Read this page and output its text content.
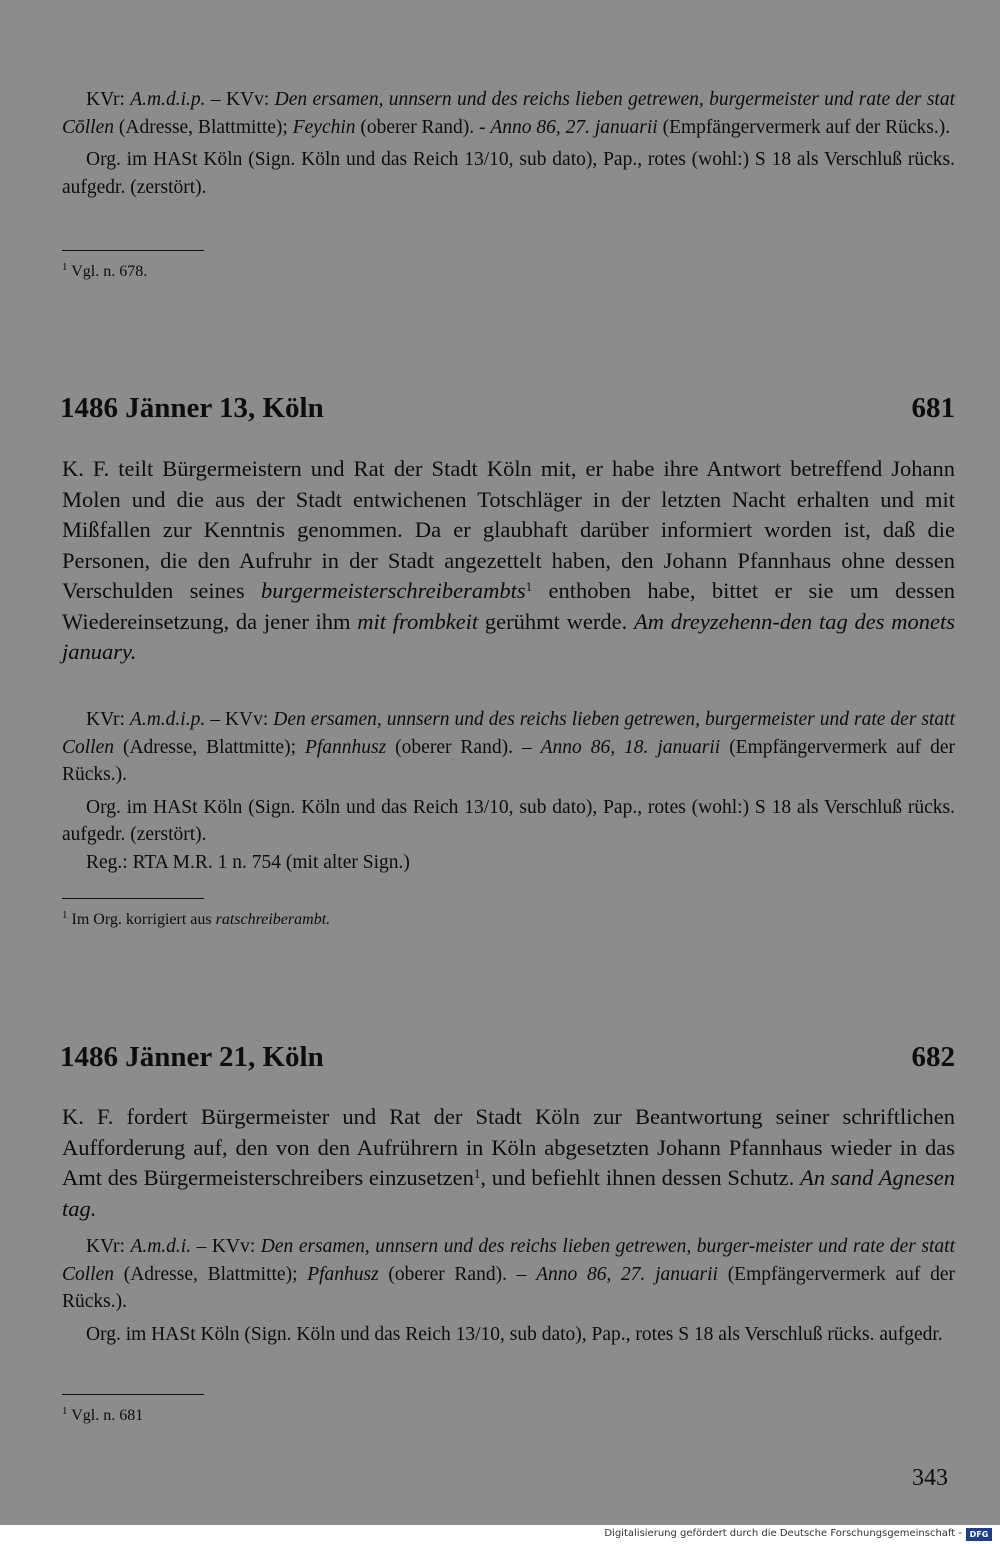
KVr: A.m.d.i.p. – KVv: Den ersamen, unnsern und des reichs lieben getrewen, burgermeister und rate der stat Cōllen (Adresse, Blattmitte); Feychin (oberer Rand). - Anno 86, 27. januarii (Empfängervermerk auf der Rücks.).

Org. im HASt Köln (Sign. Köln und das Reich 13/10, sub dato), Pap., rotes (wohl:) S 18 als Verschluß rücks. aufgedr. (zerstört).

$^1$ Vgl. n. 678.
1486 Jänner 13, Köln	681

K. F. teilt Bürgermeistern und Rat der Stadt Köln mit, er habe ihre Antwort betreffend Johann Molen und die aus der Stadt entwichenen Totschläger in der letzten Nacht erhalten und mit Mißfallen zur Kenntnis genommen. Da er glaubhaft darüber informiert worden ist, daß die Personen, die den Aufruhr in der Stadt angezettelt haben, den Johann Pfannhaus ohne dessen Verschulden seines burgermeisterschreiberambts$^1$ enthoben habe, bittet er sie um dessen Wiedereinsetzung, da jener ihm mit frombkeit gerühmt werde. Am dreyzehenn-den tag des monets january.

KVr: A.m.d.i.p. – KVv: Den ersamen, unnsern und des reichs lieben getrewen, burgermeister und rate der statt Collen (Adresse, Blattmitte); Pfannhusz (oberer Rand). – Anno 86, 18. januarii (Empfängervermerk auf der Rücks.).

Org. im HASt Köln (Sign. Köln und das Reich 13/10, sub dato), Pap., rotes (wohl:) S 18 als Verschluß rücks. aufgedr. (zerstört).

Reg.: RTA M.R. 1 n. 754 (mit alter Sign.)

$^1$ Im Org. korrigiert aus ratschreiberambt.
1486 Jänner 21, Köln	682

K. F. fordert Bürgermeister und Rat der Stadt Köln zur Beantwortung seiner schriftlichen Aufforderung auf, den von den Aufrührern in Köln abgesetzten Johann Pfannhaus wieder in das Amt des Bürgermeisterschreibers einzusetzen$^1$, und befiehlt ihnen dessen Schutz. An sand Agnesen tag.

KVr: A.m.d.i. – KVv: Den ersamen, unnsern und des reichs lieben getrewen, burger-meister und rate der statt Collen (Adresse, Blattmitte); Pfanhusz (oberer Rand). – Anno 86, 27. januarii (Empfängervermerk auf der Rücks.).

Org. im HASt Köln (Sign. Köln und das Reich 13/10, sub dato), Pap., rotes S 18 als Verschluß rücks. aufgedr.

$^1$ Vgl. n. 681
343
Digitalisierung gefördert durch die Deutsche Forschungsgemeinschaft - DFG
